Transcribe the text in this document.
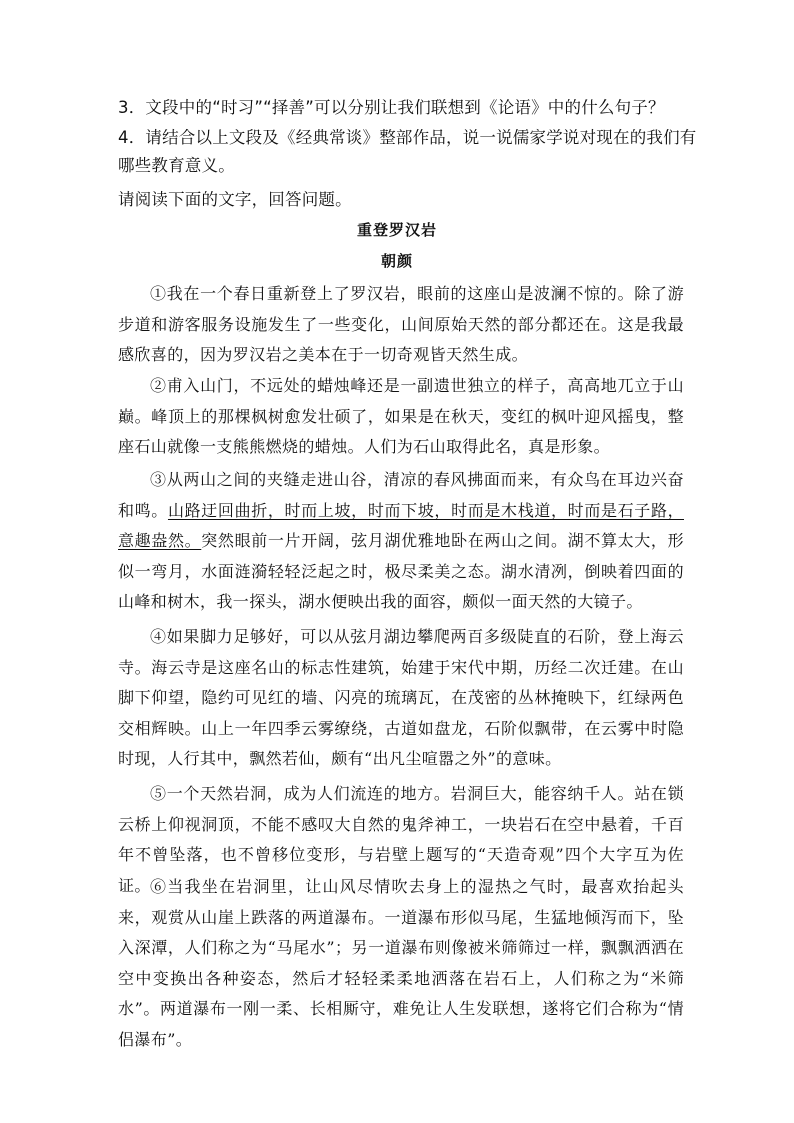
3．文段中的“时习”“择善”可以分别让我们联想到《论语》中的什么句子？
4．请结合以上文段及《经典常谈》整部作品，说一说儒家学说对现在的我们有哪些教育意义。
请阅读下面的文字，回答问题。
重登罗汉岩
朝颜
①我在一个春日重新登上了罗汉岩，眼前的这座山是波澜不惊的。除了游步道和游客服务设施发生了一些变化，山间原始天然的部分都还在。这是我最感欣喜的，因为罗汉岩之美本在于一切奇观皆天然生成。
②甫入山门，不远处的蜡烛峰还是一副遗世独立的样子，高高地兀立于山巅。峰顶上的那棵枫树愈发壮硕了，如果是在秋天，变红的枫叶迎风摇曳，整座石山就像一支熊熊燃烧的蜡烛。人们为石山取得此名，真是形象。
③从两山之间的夹缝走进山谷，清凉的春风拂面而来，有众鸟在耳边兴奋和鸣。山路迂回曲折，时而上坡，时而下坡，时而是木栈道，时而是石子路，意趣盎然。突然眼前一片开阔，弦月湖优雅地卧在两山之间。湖不算太大，形似一弯月，水面涟漪轻轻泛起之时，极尽柔美之态。湖水清冽，倒映着四面的山峰和树木，我一探头，湖水便映出我的面容，颇似一面天然的大镜子。
④如果脚力足够好，可以从弦月湖边攀爬两百多级陡直的石阶，登上海云寺。海云寺是这座名山的标志性建筑，始建于宋代中期，历经二次迁建。在山脚下仰望，隐约可见红的墙、闪亮的琉璃瓦，在茂密的丛林掩映下，红绿两色交相辉映。山上一年四季云雾缭绕，古道如盘龙，石阶似飘带，在云雾中时隐时现，人行其中，飘然若仙，颇有“出凡尘喧嚣之外”的意味。
⑤一个天然岩洞，成为人们流连的地方。岩洞巨大，能容纳千人。站在锁云桥上仰视洞顶，不能不感叹大自然的鬼斧神工，一块岩石在空中悬着，千百年不曾坠落，也不曾移位变形，与岩壁上题写的“天造奇观”四个大字互为佐证。 ⑥当我坐在岩洞里，让山风尽情吹去身上的湿热之气时，最喜欢抬起头来，观赏从山崖上跌落的两道瀑布。一道瀑布形似马尾，生猛地倾泻而下，坠入深潭，人们称之为“马尾水”；另一道瀑布则像被米筛筛过一样，飘飘洒洒在空中变换出各种姿态，然后才轻轻柔柔地洒落在岩石上，人们称之为“米筛水”。两道瀑布一刚一柔、长相厮守，难免让人生发联想，遂将它们合称为“情侣瀑布”。
